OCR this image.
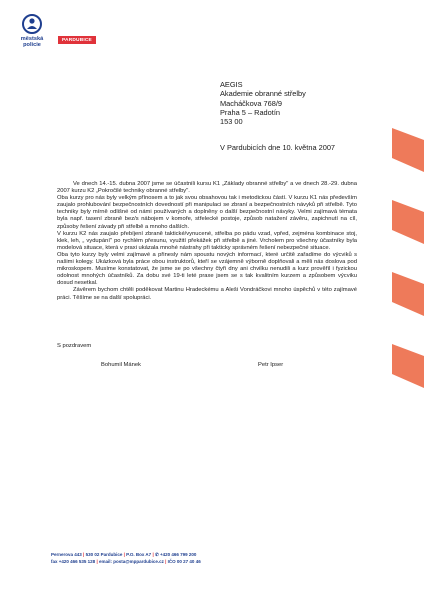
městská
policie
PARDUBICE
AEGIS
Akademie obranné střelby
Macháčkova 768/9
Praha 5 – Radotín
153 00
V Pardubicích dne 10. května 2007

Ve dnech 14.-15. dubna 2007 jsme se účastnili kursu K1 „Základy obranné střelby" a ve dnech 28.-29. dubna 2007 kurzu K2 „Pokročilé techniky obranné střelby".

Oba kurzy pro nás byly velkým přínosem a to jak svou obsahovou tak i metodickou částí. V kurzu K1 nás především zaujalo prohlubování bezpečnostních dovedností při manipulaci se zbraní a bezpečnostních návyků při střelbě. Tyto techniky byly mírně odlišné od námi používaných a doplněny o další bezpečnostní návyky. Velmi zajímavá témata byla např. tasení zbraně bez/s nábojem v komoře, střelecké postoje, způsob natažení závěru, zapichnutí na cíl, způsoby řešení závady při střelbě a mnoho dalších.

V kurzu K2 nás zaujalo přebíjení zbraně taktické/vynucené, střelba po pádu vzad, vpřed, zejména kombinace stoj, klek, leh, „ vydupání" po rychlém přesunu, využití překážek při střelbě a jiné. Vrcholem pro všechny účastníky byla modelová situace, která v praxi ukázala mnohé nástrahy při takticky správném řešení nebezpečné situace.

Oba tyto kurzy byly velmi zajímavé a přinesly nám spoustu nových informací, které určitě zařadíme do výcviků s našimi kolegy. Ukázková byla práce obou instruktorů, kteří se vzájemně výborně doplňovali a měli nás doslova pod mikroskopem. Musíme konstatovat, že jsme se po všechny čtyři dny ani chvilku nenudili a kurz prověřil i fyzickou odolnost mnohých účastníků. Za dobu své 19-ti leté praxe jsem se s tak kvalitním kurzem a způsobem výcviku dosud nesetkal.

Závěrem bychom chtěli poděkovat Martinu Hradeckému a Aleši Vondráčkovi mnoho úspěchů v této zajímavé práci. Těšíme se na další spolupráci.

S pozdravem
Bohumil Mánek	Petr Ipser
Pernerova 443 | 530 02 Pardubice | P.O. Box A7 | ✆ +420 466 799 200
fax +420 466 535 128 | email: posta@mppardubice.cz | IČO 00 27 40 46
